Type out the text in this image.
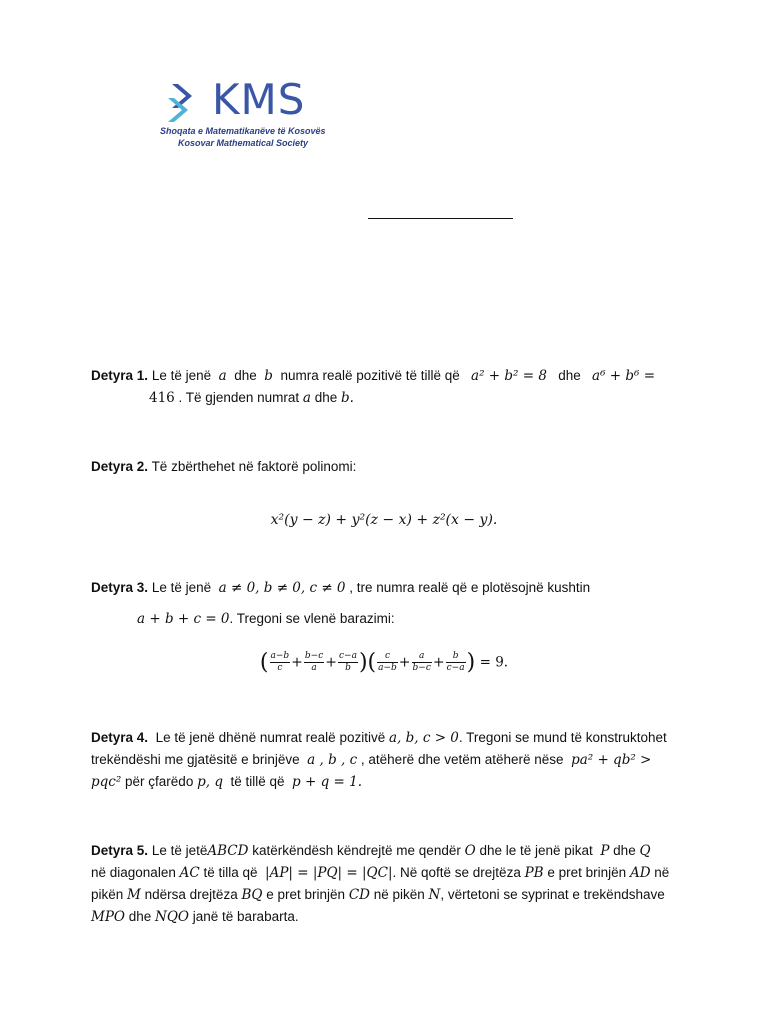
KMS
Shoqata e Matematikanëve të Kosovës
Kosovar Mathematical Society
Detyra 1. Le të jenë a dhe b numra realë pozitivë të tillë që a² + b² = 8 dhe a⁶ + b⁶ =
416 . Të gjenden numrat a dhe b.
Detyra 2. Të zbërthehet në faktorë polinomi:
x²(y − z) + y²(z − x) + z²(x − y).
Detyra 3. Le të jenë a ≠ 0, b ≠ 0, c ≠ 0 , tre numra realë që e plotësojnë kushtin
a + b + c = 0. Tregoni se vlenë barazimi:
( $\frac{a-b}{c} + \frac{b-c}{a} + \frac{c-a}{b}$ )( $\frac{c}{a-b} + \frac{a}{b-c} + \frac{b}{c-a}$ ) = 9.
Detyra 4. Le të jenë dhënë numrat realë pozitivë a, b, c > 0. Tregoni se mund të konstruktohet
trekëndëshi me gjatësitë e brinjëve a , b , c , atëherë dhe vetëm atëherë nëse pa² + qb² >
pqc² për çfarëdo p, q të tillë që p + q = 1.
Detyra 5. Le të jetëABCD katërkëndësh këndrejtë me qendër O dhe le të jenë pikat P dhe Q
në diagonalen AC të tilla që |AP| = |PQ| = |QC|. Në qoftë se drejtëza PB e pret brinjën AD në
pikën M ndërsa drejtëza BQ e pret brinjën CD në pikën N, vërtetoni se syprinat e trekëndshave
MPO dhe NQO janë të barabarta.
